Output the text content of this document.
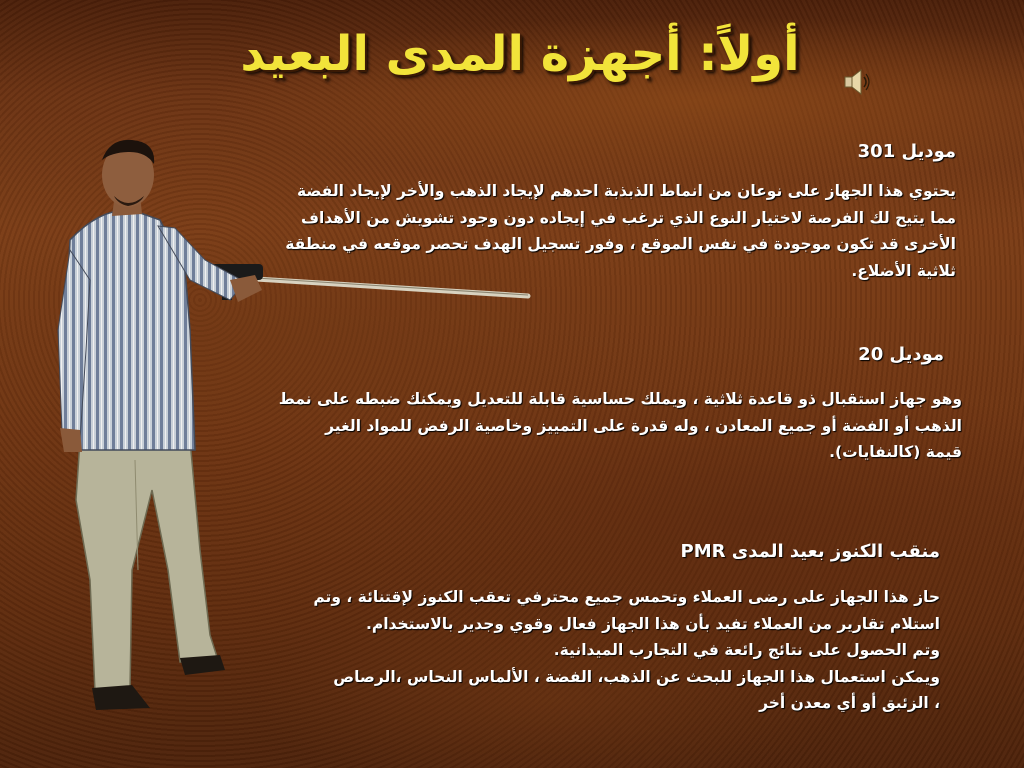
أولاً: أجهزة المدى البعيد

موديل 301

يحتوي هذا الجهاز على نوعان من انماط الذبذبة احدهم لإيجاد الذهب والأخر لإيجاد الفضة
مما يتيح لك الفرصة لاختيار النوع الذي ترغب في إيجاده دون وجود تشويش من الأهداف
الأخرى قد تكون موجودة في نفس الموقع ، وفور تسجيل الهدف تحصر موقعه في منطقة
ثلاثية الأضلاع.

موديل 20

وهو جهاز استقبال ذو قاعدة ثلاثية ، ويملك حساسية قابلة للتعديل ويمكنك ضبطه على نمط
الذهب أو الفضة أو جميع المعادن ، وله قدرة على التمييز وخاصية الرفض للمواد الغير
قيمة (كالنفايات).

منقب الكنوز بعيد المدى PMR

حاز هذا الجهاز على رضى العملاء وتحمس جميع محترفي تعقب الكنوز لإقتنائة ، وتم
استلام تقارير من العملاء تفيد بأن هذا الجهاز فعال وقوي وجدير بالاستخدام.
وتم الحصول على نتائج رائعة في التجارب الميدانية.
ويمكن استعمال هذا الجهاز للبحث عن الذهب، الفضة ، الألماس النحاس ،الرصاص
، الزئبق أو أي معدن أخر
